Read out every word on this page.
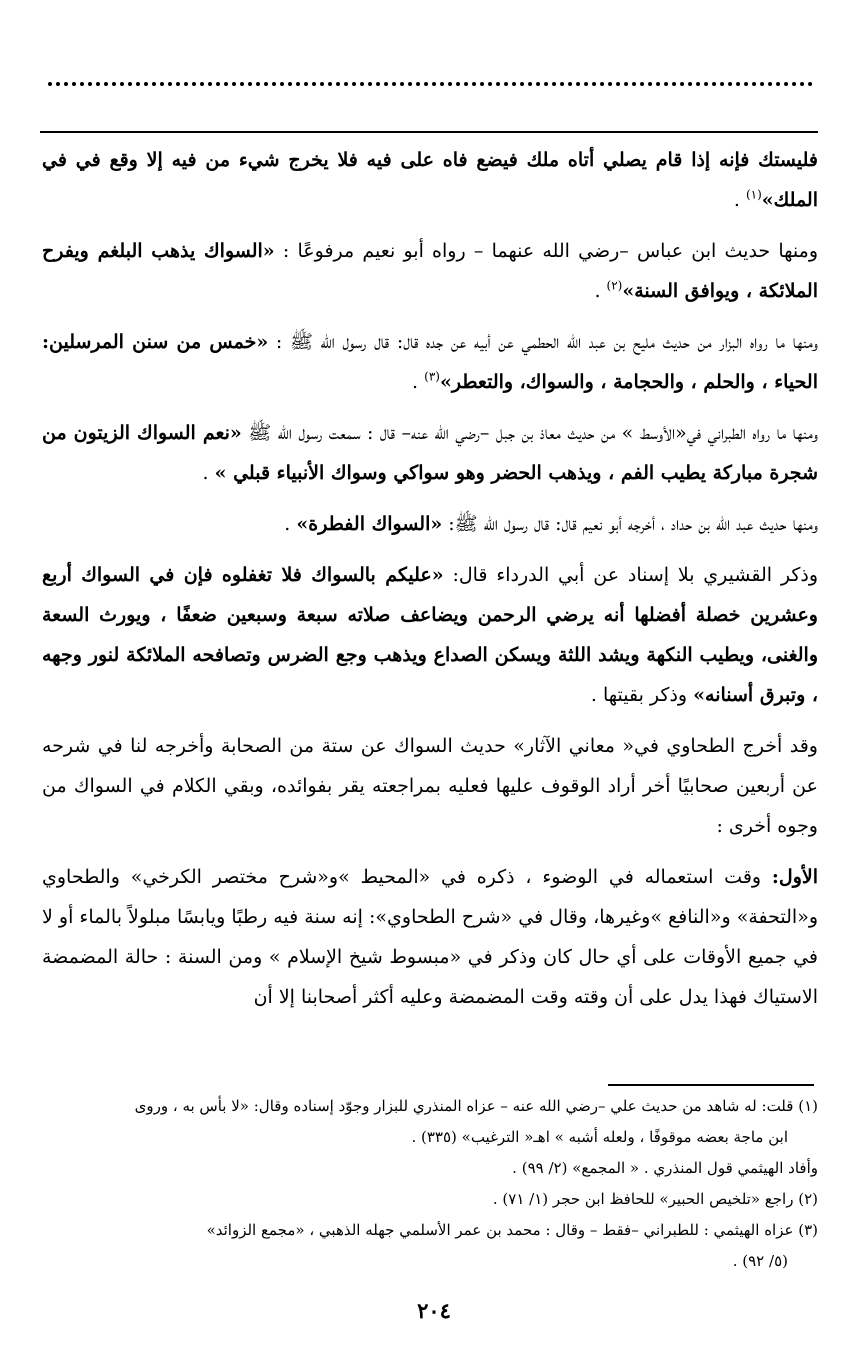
فليستك فإنه إذا قام يصلي أتاه ملك فيضع فاه على فيه فلا يخرج شيء من فيه إلا وقع في في الملك»$^{(١)}$ .

ومنها حديث ابن عباس –رضي الله عنهما – رواه أبو نعيم مرفوعًا : «السواك يذهب البلغم ويفرح الملائكة ، ويوافق السنة»$^{(٢)}$ .

ومنها ما رواه البزار من حديث مليح بن عبد الله الحطمي عن أبيه عن جده قال: قال رسول الله ﷺ : «خمس من سنن المرسلين: الحياء ، والحلم ، والحجامة ، والسواك، والتعطر»$^{(٣)}$ .

ومنها ما رواه الطبراني في«الأوسط » من حديث معاذ بن جبل –رضي الله عنه– قال : سمعت رسول الله ﷺ «نعم السواك الزيتون من شجرة مباركة يطيب الفم ، ويذهب الحضر وهو سواكي وسواك الأنبياء قبلي » .

ومنها حديث عبد الله بن حداد ، أخرجه أبو نعيم قال: قال رسول الله ﷺ: «السواك الفطرة» .

وذكر القشيري بلا إسناد عن أبي الدرداء قال: «عليكم بالسواك فلا تغفلوه فإن في السواك أربع وعشرين خصلة أفضلها أنه يرضي الرحمن ويضاعف صلاته سبعة وسبعين ضعفًا ، ويورث السعة والغنى، ويطيب النكهة ويشد اللثة ويسكن الصداع ويذهب وجع الضرس وتصافحه الملائكة لنور وجهه ، وتبرق أسنانه» وذكر بقيتها .

وقد أخرج الطحاوي في« معاني الآثار» حديث السواك عن ستة من الصحابة وأخرجه لنا في شرحه عن أربعين صحابيًا أخر أراد الوقوف عليها فعليه بمراجعته يقر بفوائده، وبقي الكلام في السواك من وجوه أخرى :

الأول: وقت استعماله في الوضوء ، ذكره في «المحيط »و«شرح مختصر الكرخي» والطحاوي و«التحفة» و«النافع »وغيرها، وقال في «شرح الطحاوي»: إنه سنة فيه رطبًا ويابسًا مبلولاً بالماء أو لا في جميع الأوقات على أي حال كان وذكر في «مبسوط شيخ الإسلام » ومن السنة : حالة المضمضة الاستياك فهذا يدل على أن وقته وقت المضمضة وعليه أكثر أصحابنا إلا أن

(١) قلت: له شاهد من حديث علي –رضي الله عنه – عزاه المنذري للبزار وجوّد إسناده وقال: «لا بأس به ، وروى

ابن ماجة بعضه موقوفًا ، ولعله أشبه » اهـ« الترغيب» (٣٣٥) .

وأفاد الهيثمي قول المنذري . « المجمع» (٢/ ٩٩) .

(٢) راجع «تلخيص الحبير» للحافظ ابن حجر (١/ ٧١) .

(٣) عزاه الهيثمي : للطبراني –فقط – وقال : محمد بن عمر الأسلمي جهله الذهبي ، «مجمع الزوائد»

(٥/ ٩٢) .

٢٠٤
